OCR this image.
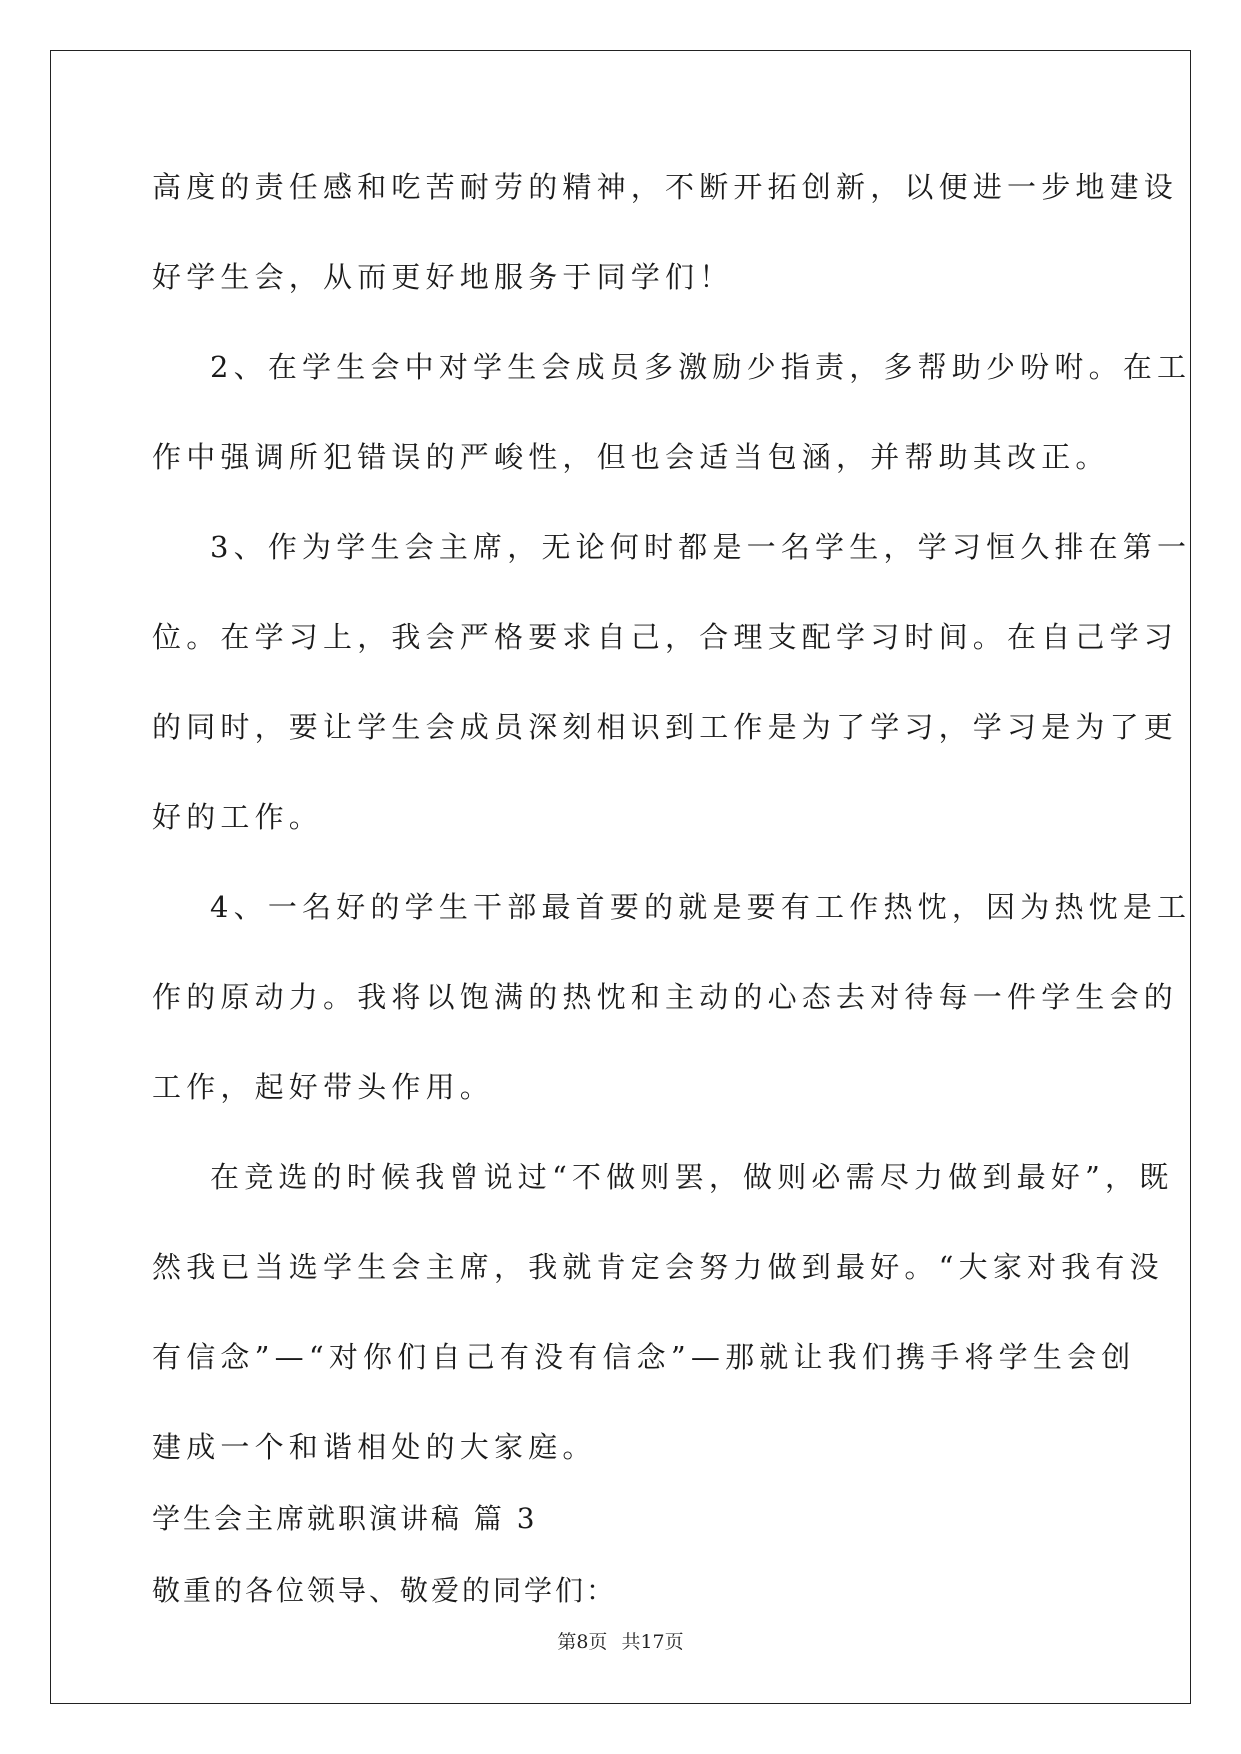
高度的责任感和吃苦耐劳的精神，不断开拓创新，以便进一步地建设
好学生会，从而更好地服务于同学们！
2、在学生会中对学生会成员多激励少指责，多帮助少吩咐。在工
作中强调所犯错误的严峻性，但也会适当包涵，并帮助其改正。
3、作为学生会主席，无论何时都是一名学生，学习恒久排在第一
位。在学习上，我会严格要求自己，合理支配学习时间。在自己学习
的同时，要让学生会成员深刻相识到工作是为了学习，学习是为了更
好的工作。
4、一名好的学生干部最首要的就是要有工作热忱，因为热忱是工
作的原动力。我将以饱满的热忱和主动的心态去对待每一件学生会的
工作，起好带头作用。
在竞选的时候我曾说过“不做则罢，做则必需尽力做到最好”，既
然我已当选学生会主席，我就肯定会努力做到最好。“大家对我有没
有信念”—“对你们自己有没有信念”—那就让我们携手将学生会创
建成一个和谐相处的大家庭。
学生会主席就职演讲稿 篇 3
敬重的各位领导、敬爱的同学们：
第8页 共17页
